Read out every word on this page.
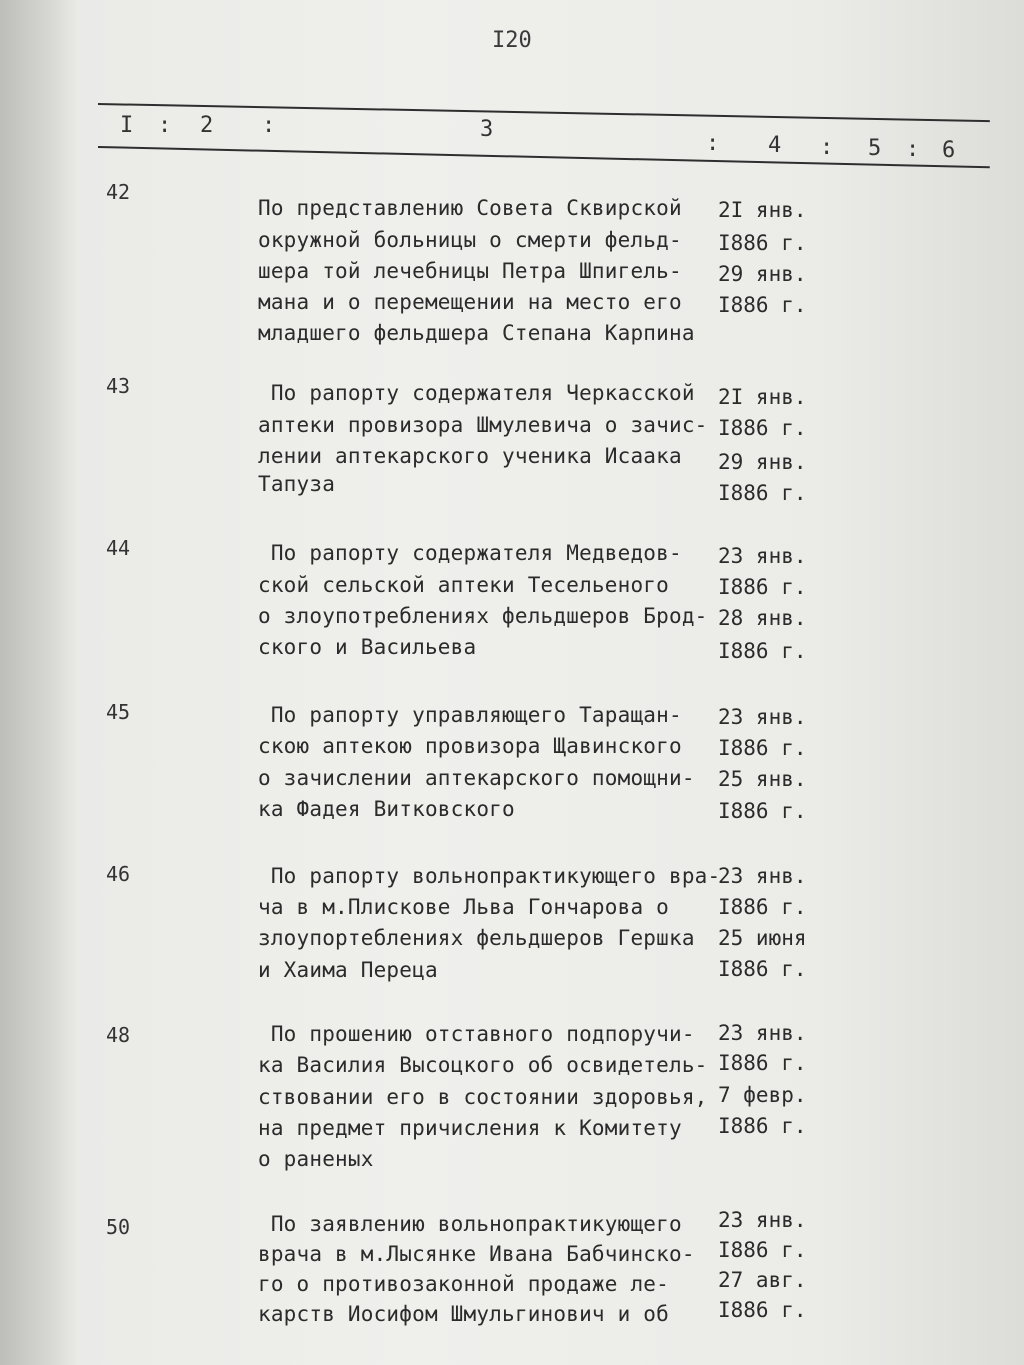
I20
I : 2 :	3
: 4 : 5 : 6
42
По представлению Совета Сквирской
окружной больницы о смерти фельд-
шера той лечебницы Петра Шпигель-
мана и о перемещении на место его
младшего фельдшера Степана Карпина
2I янв.
I886 г.
29 янв.
I886 г.
43	По рапорту содержателя Черкасской
аптеки провизора Шмулевича о зачис-
лении аптекарского ученика Исаака
Тапуза
2I янв.
I886 г.
29 янв.
I886 г.
44	По рапорту содержателя Медведов-
ской сельской аптеки Тесельеного
о злоупотреблениях фельдшеров Брод-
ского и Васильева
23 янв.
I886 г.
28 янв.
I886 г.
45	По рапорту управляющего Таращан-
скою аптекою провизора Щавинского
о зачислении аптекарского помощни-
ка Фадея Витковского
23 янв.
I886 г.
25 янв.
I886 г.
46	По рапорту вольнопрактикующего вра-
ча в м.Плискове Льва Гончарова о
злоупортеблениях фельдшеров Гершка
и Хаима Переца
23 янв.
I886 г.
25 июня
I886 г.
48	По прошению отставного подпоручи-
ка Василия Высоцкого об освидетель-
ствовании его в состоянии здоровья,
на предмет причисления к Комитету
о раненых
23 янв.
I886 г.
7 февр.
I886 г.
50	По заявлению вольнопрактикующего
врача в м.Лысянке Ивана Бабчинско-
го о противозаконной продаже ле-
карств Иосифом Шмульгинович и об
23 янв.
I886 г.
27 авг.
I886 г.
